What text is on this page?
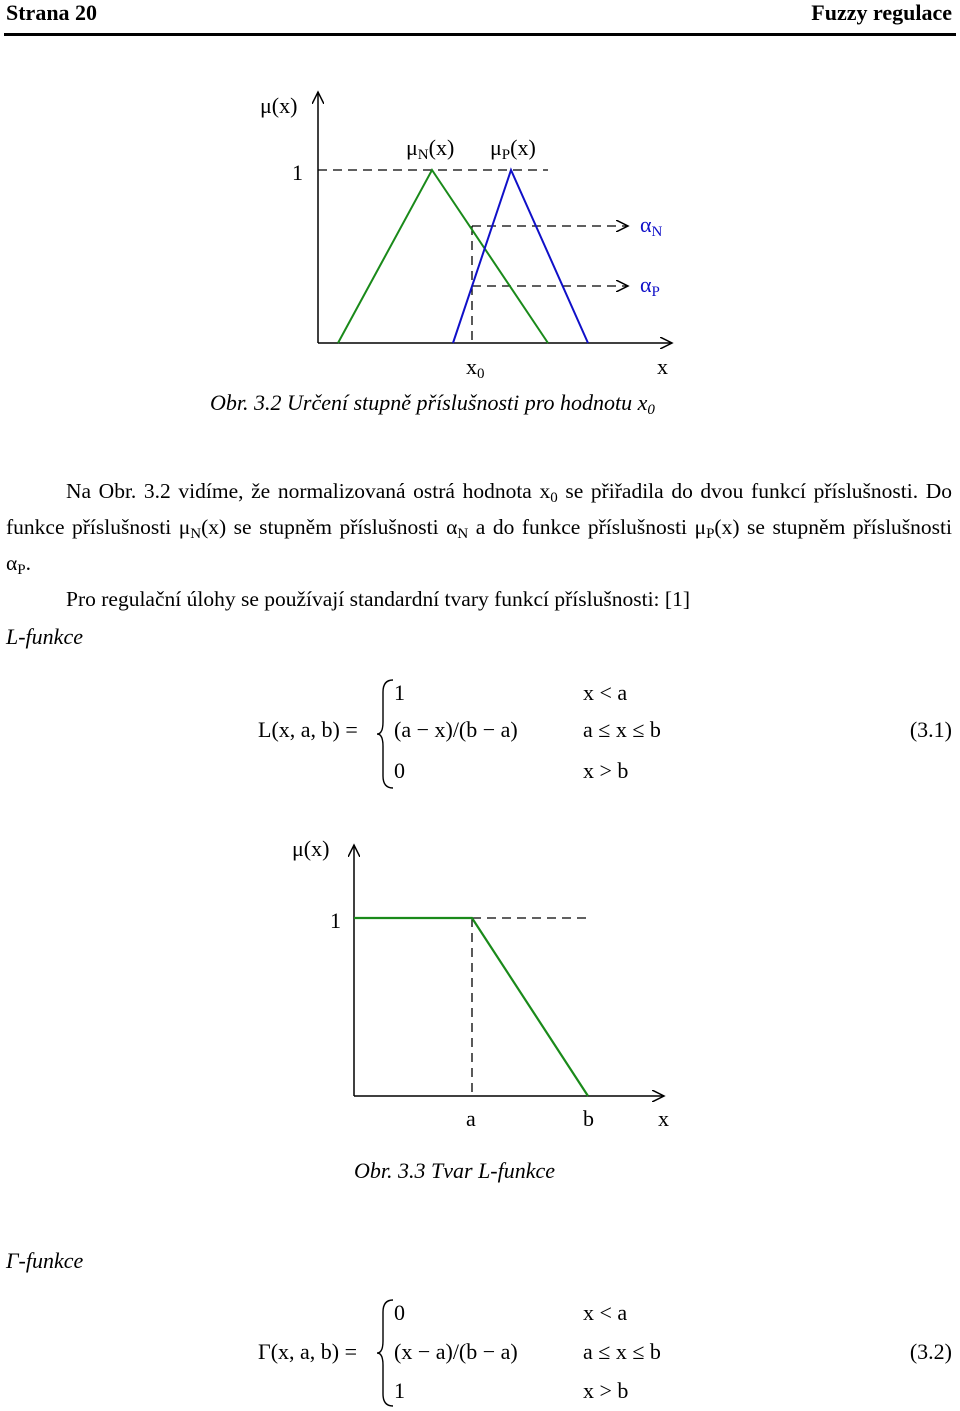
Strana 20	Fuzzy regulace
μ(x)
1
μN(x) μP(x)
αN
αP
x0	x
Obr. 3.2 Určení stupně příslušnosti pro hodnotu $x_0$

Na Obr. 3.2 vidíme, že normalizovaná ostrá hodnota $x_0$ se přiřadila do dvou funkcí příslušnosti. Do funkce příslušnosti $\mu_N(x)$ se stupněm příslušnosti $\alpha_N$ a do funkce příslušnosti $\mu_P(x)$ se stupněm příslušnosti $\alpha_P$.

Pro regulační úlohy se používají standardní tvary funkcí příslušnosti: [1]

L-funkce
L(x, a, b) =
1	x < a
(a − x)/(b − a)	a ≤ x ≤ b
0	x > b
(3.1)
μ(x)
1
a	b	x
Obr. 3.3 Tvar L-funkce
Γ-funkce
Γ(x, a, b) =
0	x < a
(x − a)/(b − a)	a ≤ x ≤ b
1	x > b
(3.2)
